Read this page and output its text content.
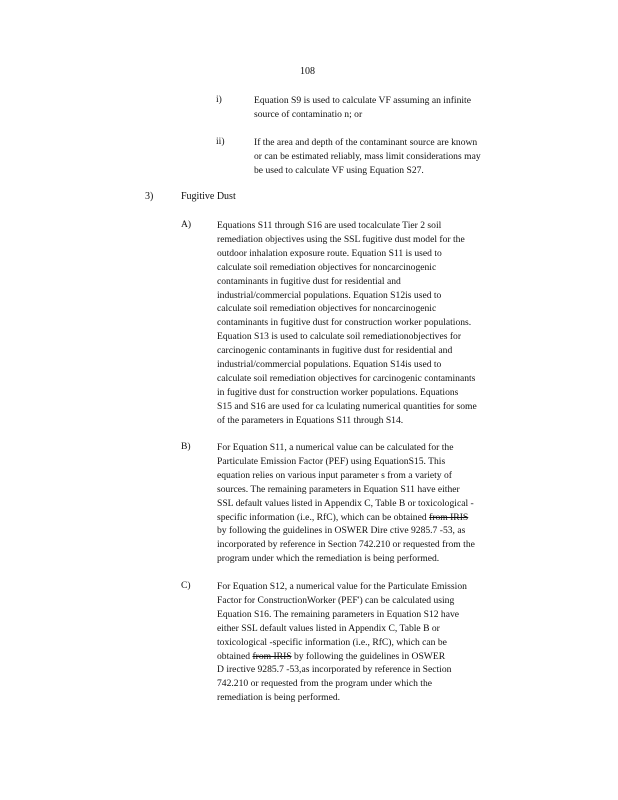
108
i)	Equation S9 is used to calculate VF assuming an infinite
source of contaminatio n; or
ii)	If the area and depth of the contaminant source are known
or can be estimated reliably, mass limit considerations may
be used to calculate VF using Equation S27.
3)	Fugitive Dust
A)	Equations S11 through S16 are used tocalculate Tier 2 soil
remediation objectives using the SSL fugitive dust model for the
outdoor inhalation exposure route. Equation S11 is used to
calculate soil remediation objectives for noncarcinogenic
contaminants in fugitive dust for residential and
industrial/commercial populations. Equation S12is used to
calculate soil remediation objectives for noncarcinogenic
contaminants in fugitive dust for construction worker populations.
Equation S13 is used to calculate soil remediationobjectives for
carcinogenic contaminants in fugitive dust for residential and
industrial/commercial populations. Equation S14is used to
calculate soil remediation objectives for carcinogenic contaminants
in fugitive dust for construction worker populations. Equations
S15 and S16 are used for ca lculating numerical quantities for some
of the parameters in Equations S11 through S14.
B)	For Equation S11, a numerical value can be calculated for the
Particulate Emission Factor (PEF) using EquationS15. This
equation relies on various input parameter s from a variety of
sources. The remaining parameters in Equation S11 have either
SSL default values listed in Appendix C, Table B or toxicological -
specific information (i.e., RfC), which can be obtained from IRIS
by following the guidelines in OSWER Dire ctive 9285.7 -53, as
incorporated by reference in Section 742.210 or requested from the
program under which the remediation is being performed.
C)	For Equation S12, a numerical value for the Particulate Emission
Factor for ConstructionWorker (PEF') can be calculated using
Equation S16. The remaining parameters in Equation S12 have
either SSL default values listed in Appendix C, Table B or
toxicological -specific information (i.e., RfC), which can be
obtained from IRIS by following the guidelines in OSWER
D irective 9285.7 -53,as incorporated by reference in Section
742.210 or requested from the program under which the
remediation is being performed.
